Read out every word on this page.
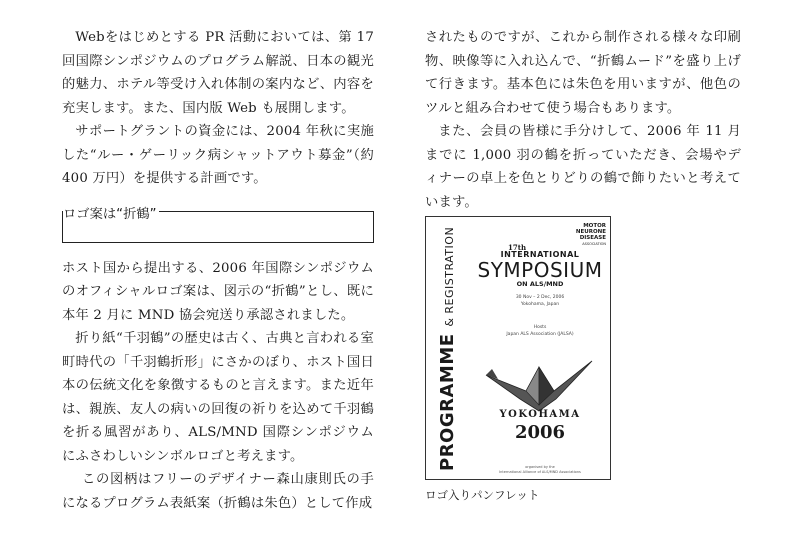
Webをはじめとする PR 活動においては、第 17 回国際シンポジウムのプログラム解説、日本の観光的魅力、ホテル等受け入れ体制の案内など、内容を充実します。また、国内版 Web も展開します。

サポートグラントの資金には、2004 年秋に実施した“ルー・ゲーリック病シャットアウト募金”（約 400 万円）を提供する計画です。

ロゴ案は“折鶴”

ホスト国から提出する、2006 年国際シンポジウムのオフィシャルロゴ案は、図示の“折鶴”とし、既に本年 2 月に MND 協会宛送り承認されました。

折り紙“千羽鶴”の歴史は古く、古典と言われる室町時代の「千羽鶴折形」にさかのぼり、ホスト国日本の伝統文化を象徴するものと言えます。また近年は、親族、友人の病いの回復の祈りを込めて千羽鶴を折る風習があり、ALS/MND 国際シンポジウムにふさわしいシンボルロゴと考えます。

この図柄はフリーのデザイナー森山康則氏の手になるプログラム表紙案（折鶴は朱色）として作成

されたものですが、これから制作される様々な印刷物、映像等に入れ込んで、“折鶴ムード”を盛り上げて行きます。基本色には朱色を用いますが、他色のツルと組み合わせて使う場合もあります。

また、会員の皆様に手分けして、2006 年 11 月までに 1,000 羽の鶴を折っていただき、会場やディナーの卓上を色とりどりの鶴で飾りたいと考えています。

PROGRAMME & REGISTRATION
MOTOR
NEURONE
DISEASE
ASSOCIATION
17th
INTERNATIONAL
SYMPOSIUM
ON ALS/MND
30 Nov – 2 Dec, 2006
Yokohama, Japan
Hosts
Japan ALS Association (JALSA)
YOKOHAMA
2006
organised by the
International Alliance of ALS/MND Associations
ロゴ入りパンフレット
